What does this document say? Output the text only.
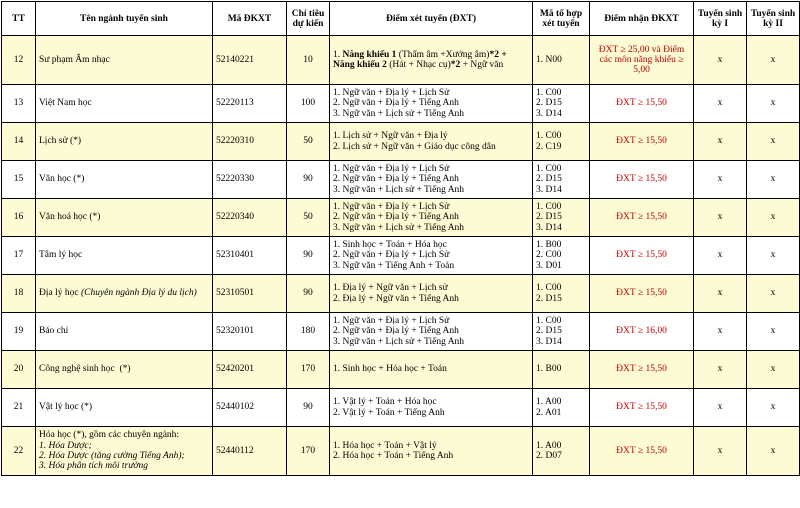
TT	Tên ngành tuyển sinh	Mã ĐKXT	Chỉ tiêu dự kiến	Điểm xét tuyển (ĐXT)	Mã tổ hợp xét tuyển	Điểm nhận ĐKXT	Tuyển sinh kỳ I	Tuyển sinh kỳ II
12	Sư phạm Âm nhạc	52140221	10	1. Năng khiếu 1 (Thẩm âm +Xướng âm)*2 + Năng khiếu 2 (Hát + Nhạc cụ)*2 + Ngữ văn	1. N00	ĐXT ≥ 25,00 và Điểm các môn năng khiếu ≥ 5,00	x	x
13	Việt Nam học	52220113	100	1. Ngữ văn + Địa lý + Lịch Sử
2. Ngữ văn + Địa lý + Tiếng Anh
3. Ngữ văn + Lịch sử + Tiếng Anh	1. C00
2. D15
3. D14	ĐXT ≥ 15,50	x	x
14	Lịch sử (*)	52220310	50	1. Lịch sử + Ngữ văn + Địa lý
2. Lịch sử + Ngữ văn + Giáo dục công dân	1. C00
2. C19	ĐXT ≥ 15,50	x	x
15	Văn học (*)	52220330	90	1. Ngữ văn + Địa lý + Lịch Sử
2. Ngữ văn + Địa lý + Tiếng Anh
3. Ngữ văn + Lịch sử + Tiếng Anh	1. C00
2. D15
3. D14	ĐXT ≥ 15,50	x	x
16	Văn hoá học (*)	52220340	50	1. Ngữ văn + Địa lý + Lịch Sử
2. Ngữ văn + Địa lý + Tiếng Anh
3. Ngữ văn + Lịch sử + Tiếng Anh	1. C00
2. D15
3. D14	ĐXT ≥ 15,50	x	x
17	Tâm lý học	52310401	90	1. Sinh học + Toán + Hóa học
2. Ngữ văn + Địa lý + Lịch Sử
3. Ngữ văn + Tiếng Anh + Toán	1. B00
2. C00
3. D01	ĐXT ≥ 15,50	x	x
18	Địa lý học (Chuyên ngành Địa lý du lịch)	52310501	90	1. Địa lý + Ngữ văn + Lịch sử
2. Địa lý + Ngữ văn + Tiếng Anh	1. C00
2. D15	ĐXT ≥ 15,50	x	x
19	Báo chí	52320101	180	1. Ngữ văn + Địa lý + Lịch Sử
2. Ngữ văn + Địa lý + Tiếng Anh
3. Ngữ văn + Lịch sử + Tiếng Anh	1. C00
2. D15
3. D14	ĐXT ≥ 16,00	x	x
20	Công nghệ sinh học  (*)	52420201	170	1. Sinh học + Hóa học + Toán	1. B00	ĐXT ≥ 15,50	x	x
21	Vật lý học (*)	52440102	90	1. Vật lý + Toán + Hóa học
2. Vật lý + Toán + Tiếng Anh	1. A00
2. A01	ĐXT ≥ 15,50	x	x
22	Hóa học (*), gồm các chuyên ngành:
1. Hóa Dược;
2. Hóa Dược (tăng cường Tiếng Anh);
3. Hóa phân tích môi trường	52440112	170	1. Hóa học + Toán + Vật lý
2. Hóa học + Toán + Tiếng Anh	1. A00
2. D07	ĐXT ≥ 15,50	x	x
